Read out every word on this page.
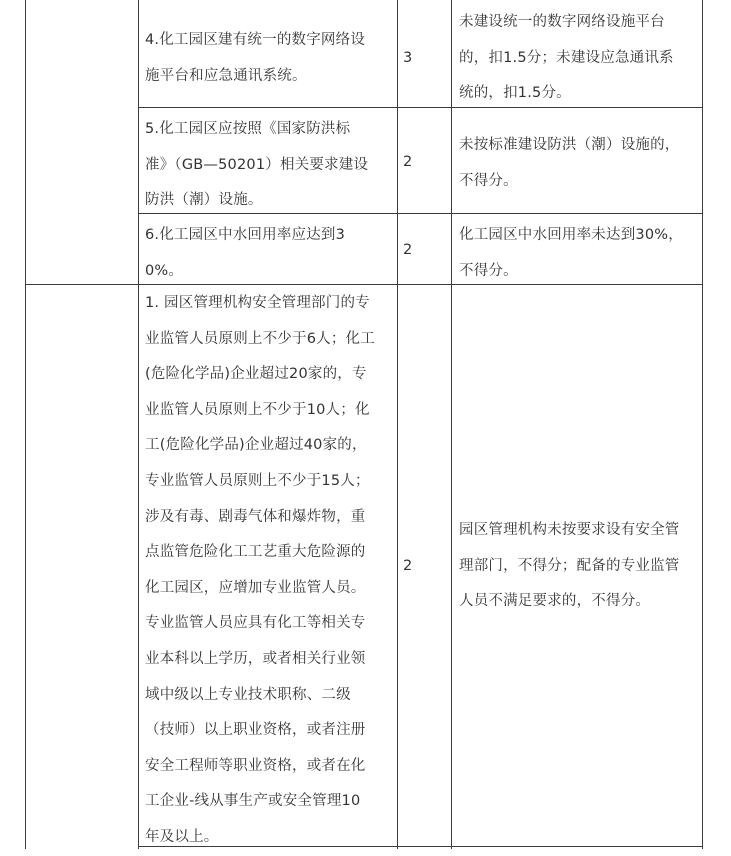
4.化工园区建有统一的数字网络设
施平台和应急通讯系统。
3
未建设统一的数字网络设施平台
的，扣1.5分；未建设应急通讯系
统的，扣1.5分。
5.化工园区应按照《国家防洪标
准》（GB—50201）相关要求建设
防洪（潮）设施。
2
未按标准建设防洪（潮）设施的，
不得分。
6.化工园区中水回用率应达到3
0%。
2
化工园区中水回用率未达到30%，
不得分。
1. 园区管理机构安全管理部门的专
业监管人员原则上不少于6人；化工
(危险化学品)企业超过20家的，专
业监管人员原则上不少于10人；化
工(危险化学品)企业超过40家的，
专业监管人员原则上不少于15人；
涉及有毒、剧毒气体和爆炸物，重
点监管危险化工工艺重大危险源的
化工园区，应增加专业监管人员。
专业监管人员应具有化工等相关专
业本科以上学历，或者相关行业领
域中级以上专业技术职称、二级
（技师）以上职业资格，或者注册
安全工程师等职业资格，或者在化
工企业-线从事生产或安全管理10
年及以上。
2
园区管理机构未按要求设有安全管
理部门，不得分；配备的专业监管
人员不满足要求的，不得分。
